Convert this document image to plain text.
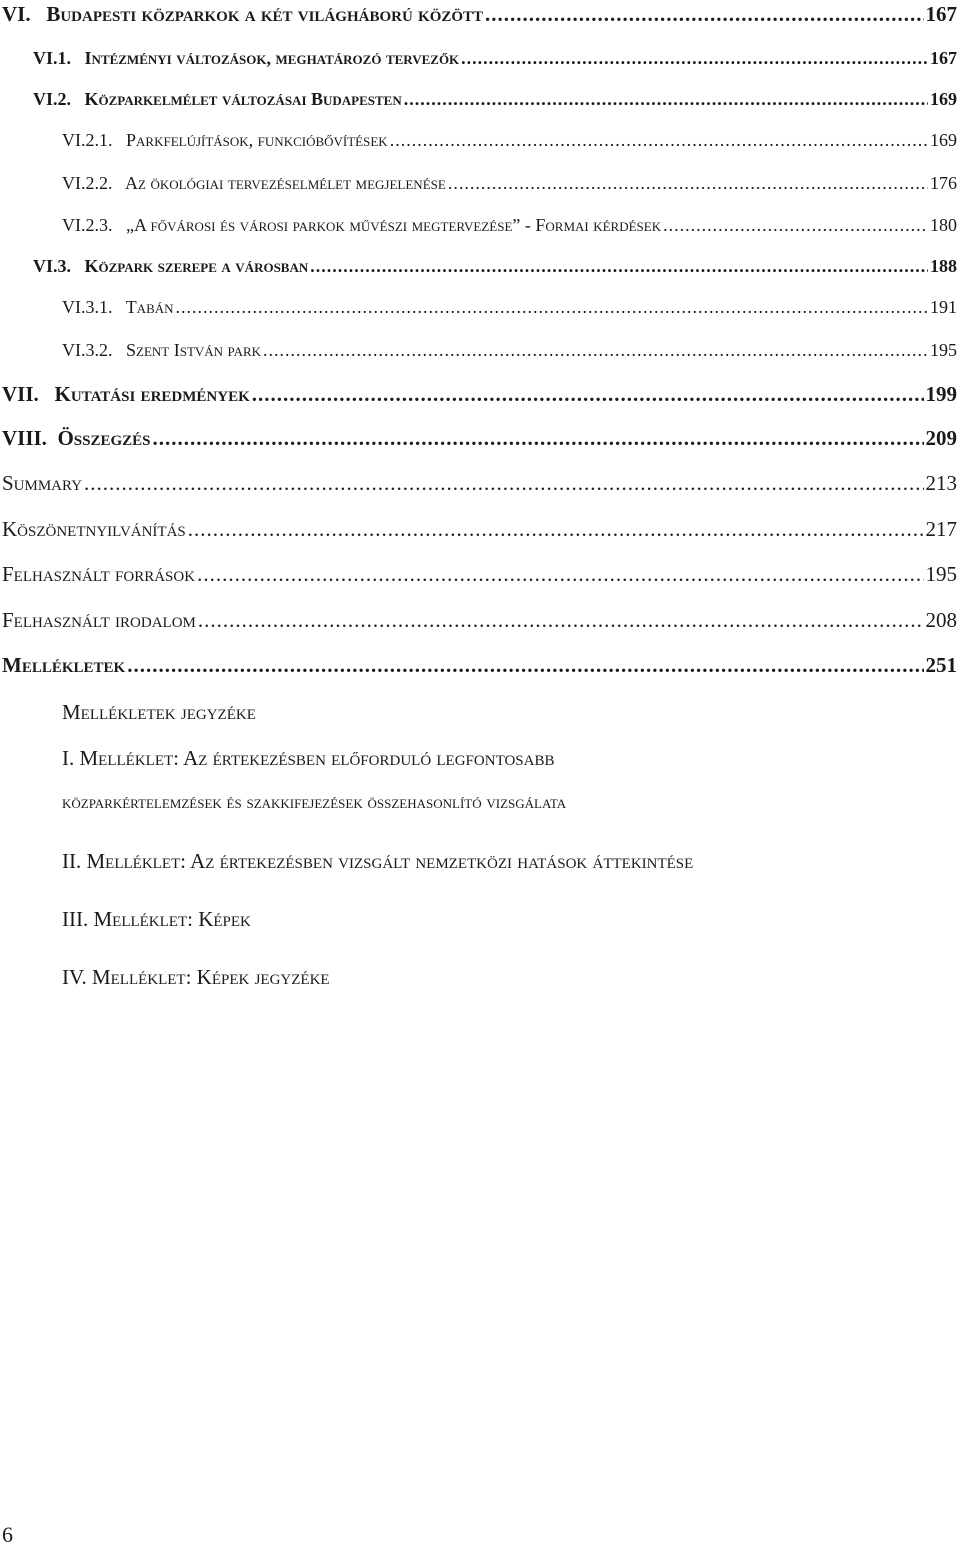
VI. Budapesti közparkok a két világháború között .....	167
VI.1. Intézményi változások, meghatározó tervezők .....	167
VI.2. Közparkelmélet változásai Budapesten .....	169
VI.2.1. Parkfelújítások, funkcióbővítések .....	169
VI.2.2. Az ökológiai tervezéselmélet megjelenése .....	176
VI.2.3. „A fővárosi és városi parkok művészi megtervezése” - Formai kérdések .....	180
VI.3. Közpark szerepe a városban .....	188
VI.3.1. Tabán .....	191
VI.3.2. Szent István park .....	195
VII. Kutatási eredmények .....	199
VIII. Összegzés .....	209
Summary .....	213
Köszönetnyilvánítás .....	217
Felhasznált források .....	195
Felhasznált irodalom .....	208
Mellékletek .....	251
Mellékletek jegyzéke
I. Melléklet: Az értekezésben előforduló legfontosabb
közparkértelemzések és szakkifejezések összehasonlító vizsgálata
II. Melléklet: Az értekezésben vizsgált nemzetközi hatások áttekintése
III. Melléklet: Képek
IV. Melléklet: Képek jegyzéke
6
